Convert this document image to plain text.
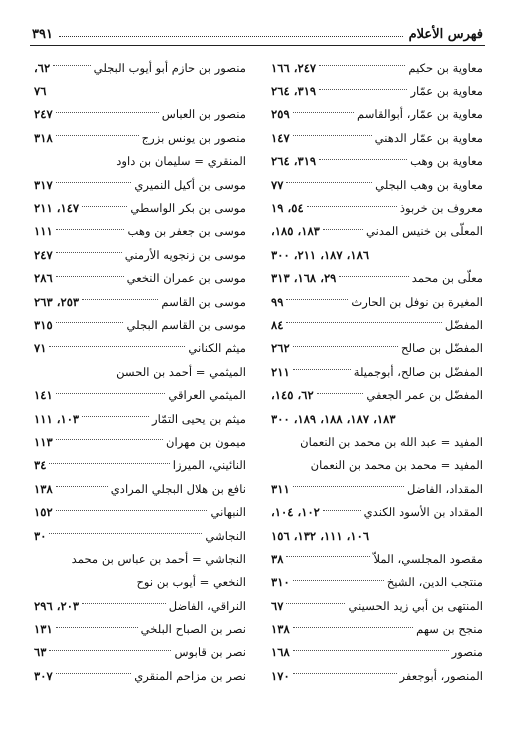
فهرس الأعلام
٣٩١
معاوية بن حكيم
٢٤٧، ١٦٦
معاوية بن عمّار
٣١٩، ٢٦٤
معاوية بن عمّار، أبوالقاسم
٢٥٩
معاوية بن عمّار الدهني
١٤٧
معاوية بن وهب
٣١٩، ٢٦٤
معاوية بن وهب البجلي
٧٧
معروف بن خربوذ
٥٤، ١٩
المعلّى بن خنيس المدني
١٨٣، ١٨٥،
١٨٦، ١٨٧، ٢١١، ٣٠٠
معلّى بن محمد
٢٩، ١٦٨، ٣١٣
المغيرة بن نوفل بن الحارث
٩٩
المفضّل
٨٤
المفضّل بن صالح
٢٦٢
المفضّل بن صالح، أبوجميلة
٢١١
المفضّل بن عمر الجعفي
٦٢، ١٤٥،
١٨٣، ١٨٧، ١٨٨، ١٨٩، ٣٠٠
المفيد = عبد الله بن محمد بن النعمان
المفيد = محمد بن محمد بن النعمان
المقداد، الفاضل
٣١١
المقداد بن الأسود الكندي
١٠٢، ١٠٤،
١٠٦، ١١١، ١٣٢، ١٥٦
مقصود المجلسي، الملاّ
٣٨
منتجب الدين، الشيخ
٣١٠
المنتهى بن أبي زيد الحسيني
٦٧
منجح بن سهم
١٣٨
منصور
١٦٨
المنصور، أبوجعفر
١٧٠
منصور بن حازم أبو أيوب البجلي
٦٢،
٧٦
منصور بن العباس
٢٤٧
منصور بن يونس بزرج
٣١٨
المنقري = سليمان بن داود
موسى بن أكيل النميري
٣١٧
موسى بن بكر الواسطي
١٤٧، ٢١١
موسى بن جعفر بن وهب
١١١
موسى بن زنجويه الأرمني
٢٤٧
موسى بن عمران النخعي
٢٨٦
موسى بن القاسم
٢٥٣، ٢٦٣
موسى بن القاسم البجلي
٣١٥
ميثم الكناني
٧١
الميثمي = أحمد بن الحسن
الميثمي العراقي
١٤١
ميثم بن يحيى التمّار
١٠٣، ١١١
ميمون بن مهران
١١٣
النائيني، الميرزا
٣٤
نافع بن هلال البجلي المرادي
١٣٨
النبهاني
١٥٢
النجاشي
٣٠
النجاشي = أحمد بن عباس بن محمد
النخعي = أيوب بن نوح
النراقي، الفاضل
٢٠٣، ٢٩٦
نصر بن الصباح البلخي
١٣١
نصر بن قابوس
٦٣
نصر بن مزاحم المنقري
٣٠٧
